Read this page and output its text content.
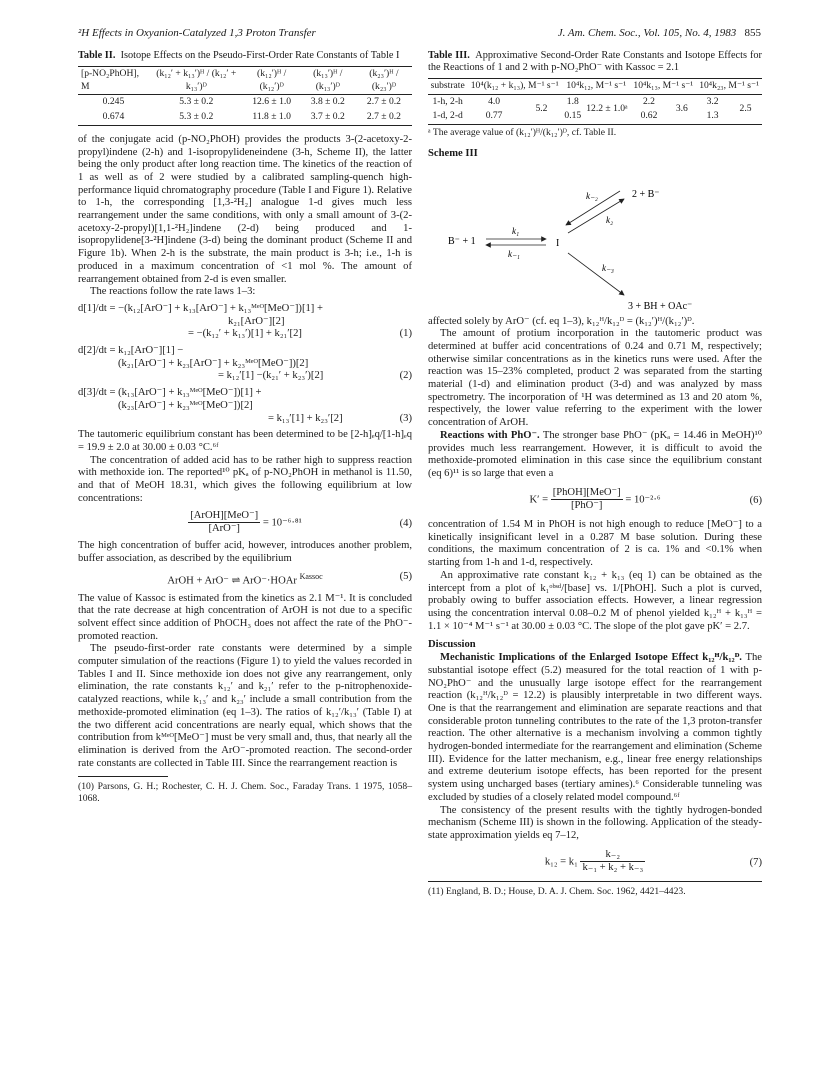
²H Effects in Oxyanion-Catalyzed 1,3 Proton Transfer	J. Am. Chem. Soc., Vol. 105, No. 4, 1983 855
Table II. Isotope Effects on the Pseudo-First-Order Rate Constants of Table I
[p-NO₂PhOH], M	(k₁₂′ + k₁₃′)ᴴ / (k₁₂′ + k₁₃′)ᴰ	(k₁₂′)ᴴ / (k₁₂′)ᴰ	(k₁₃′)ᴴ / (k₁₃′)ᴰ	(k₂₃′)ᴴ / (k₂₃′)ᴰ
0.245	5.3 ± 0.2	12.6 ± 1.0	3.8 ± 0.2	2.7 ± 0.2
0.674	5.3 ± 0.2	11.8 ± 1.0	3.7 ± 0.2	2.7 ± 0.2

of the conjugate acid (p-NO₂PhOH) provides the products 3-(2-acetoxy-2-propyl)indene (2-h) and 1-isopropylideneindene (3-h, Scheme II), the latter being the only product after long reaction time. The kinetics of the reaction of 1 as well as of 2 were studied by a calibrated sampling-quench high-performance liquid chromatography procedure (Table I and Figure 1). Relative to 1-h, the corresponding [1,3-²H₂] analogue 1-d gives much less rearrangement under the same conditions, with only a small amount of 3-(2-acetoxy-2-propyl)[1,1-²H₂]indene (2-d) being produced and 1-isopropylidene[3-²H]indene (3-d) being the dominant product (Scheme II and Figure 1b). When 2-h is the substrate, the main product is 3-h; i.e., 1-h is produced in a maximum concentration of <1 mol %. The amount of rearrangement obtained from 2-d is even smaller.

The reactions follow the rate laws 1–3:

d[1]/dt = −(k₁₂[ArO⁻] + k₁₃[ArO⁻] + k₁₃ᴹᵉᴼ[MeO⁻])[1] +
k₂₁[ArO⁻][2]
= −(k₁₂′ + k₁₃′)[1] + k₂₁′[2]	(1)
d[2]/dt = k₁₂[ArO⁻][1] −
(k₂₁[ArO⁻] + k₂₃[ArO⁻] + k₂₃ᴹᵉᴼ[MeO⁻])[2]
= k₁₂′[1] −(k₂₁′ + k₂₃′)[2]	(2)
d[3]/dt = (k₁₃[ArO⁻] + k₁₃ᴹᵉᴼ[MeO⁻])[1] +
(k₂₃[ArO⁻] + k₂₃ᴹᵉᴼ[MeO⁻])[2]
= k₁₃′[1] + k₂₃′[2]	(3)

The tautomeric equilibrium constant has been determined to be [2-h]ₑq/[1-h]ₑq = 19.9 ± 2.0 at 30.00 ± 0.03 °C.⁶ᶠ

The concentration of added acid has to be rather high to suppress reaction with methoxide ion. The reported¹⁰ pKₐ of p-NO₂PhOH in methanol is 11.50, and that of MeOH 18.31, which gives the following equilibrium at low concentrations:

$\frac{\text{[ArOH][MeO⁻]}}{\text{[ArO⁻]}} = 10^{-6}\cdot^{81}$	(4)

The high concentration of buffer acid, however, introduces another problem, buffer association, as described by the equilibrium

ArOH + ArO⁻ ⇌ ArO⁻·HOAr $^{Kassoc}$	(5)

The value of Kassoc is estimated from the kinetics as 2.1 M⁻¹. It is concluded that the rate decrease at high concentration of ArOH is not due to a specific solvent effect since addition of PhOCH₃ does not affect the rate of the PhO⁻-promoted reaction.

The pseudo-first-order rate constants were determined by a simple computer simulation of the reactions (Figure 1) to yield the values recorded in Tables I and II. Since methoxide ion does not give any rearrangement, only elimination, the rate constants k₁₂′ and k₂₁′ refer to the p-nitrophenoxide-catalyzed reactions, while k₁₃′ and k₂₃′ include a small contribution from the methoxide-promoted elimination (eq 1–3). The ratios of k₁₂′/k₁₃′ (Table I) at the two different acid concentrations are nearly equal, which shows that the contribution from kᴹᵉᴼ[MeO⁻] must be very small and, thus, that nearly all the elimination is derived from the ArO⁻-promoted reaction. The second-order rate constants are collected in Table III. Since the rearrangement reaction is

(10) Parsons, G. H.; Rochester, C. H. J. Chem. Soc., Faraday Trans. 1 1975, 1058–1068.
Table III. Approximative Second-Order Rate Constants and Isotope Effects for the Reactions of 1 and 2 with p-NO₂PhO⁻ with Kassoc = 2.1
substrate	10⁴(k₁₂ + k₁₃), M⁻¹ s⁻¹		10⁴k₁₂, M⁻¹ s⁻¹		10⁴k₁₃, M⁻¹ s⁻¹		10⁴k₂₃, M⁻¹ s⁻¹	
1-h, 2-h	4.0	5.2	1.8	12.2 ± 1.0ᵃ	2.2	3.6	3.2	2.5
1-d, 2-d	0.77		0.15		0.62		1.3	
ᵃ The average value of (k₁₂′)ᴴ/(k₁₂′)ᴰ, cf. Table II.
Scheme III
B⁻ + 1
k₁
k₋₁
I
k₋₂
k₂
2 + B⁻
k₋₃
3 + BH + OAc⁻

affected solely by ArO⁻ (cf. eq 1–3), k₁₂ᴴ/k₁₂ᴰ = (k₁₂′)ᴴ/(k₁₂′)ᴰ.

The amount of protium incorporation in the tautomeric product was determined at buffer acid concentrations of 0.24 and 0.71 M, respectively; otherwise similar concentrations as in the kinetics runs were used. After the reaction was 15–23% completed, product 2 was separated from the starting material (1-d) and elimination product (3-d) and was analyzed by mass spectrometry. The incorporation of ¹H was determined as 13 and 20 atom %, respectively, the lower value referring to the experiment with the lower concentration of ArOH.

Reactions with PhO⁻. The stronger base PhO⁻ (pKₐ = 14.46 in MeOH)¹⁰ provides much less rearrangement. However, it is difficult to avoid the methoxide-promoted elimination in this case since the equilibrium constant (eq 6)¹¹ is so large that even a

$K' = \frac{\text{[PhOH][MeO⁻]}}{\text{[PhO⁻]}} = 10^{-2}\cdot^6$	(6)

concentration of 1.54 M in PhOH is not high enough to reduce [MeO⁻] to a kinetically insignificant level in a 0.287 M base solution. During these conditions, the maximum concentration of 2 is ca. 1% and <0.1% when starting from 1-h and 1-d, respectively.

An approximative rate constant k₁₂ + k₁₃ (eq 1) can be obtained as the intercept from a plot of k₁ᵒᵇˢᵈ/[base] vs. 1/[PhOH]. Such a plot is curved, probably owing to buffer association effects. However, a linear regression using the concentration interval 0.08–0.2 M of phenol yielded k₁₂ᴴ + k₁₃ᴴ = 1.1 × 10⁻⁴ M⁻¹ s⁻¹ at 30.00 ± 0.03 °C. The slope of the plot gave pK′ = 2.7.

Discussion

Mechanistic Implications of the Enlarged Isotope Effect k₁₂ᴴ/k₁₂ᴰ. The substantial isotope effect (5.2) measured for the total reaction of 1 with p-NO₂PhO⁻ and the unusually large isotope effect for the rearrangement reaction (k₁₂ᴴ/k₁₂ᴰ = 12.2) is plausibly interpretable in two different ways. One is that the rearrangement and elimination are separate reactions and that considerable proton tunneling contributes to the rate of the 1,3 proton-transfer reaction. The other alternative is a mechanism involving a common tightly hydrogen-bonded intermediate for the rearrangement and elimination (Scheme III). Evidence for the latter mechanism, e.g., linear free energy relationships and extreme deuterium isotope effects, has been reported for the present system using uncharged bases (tertiary amines).⁶ Considerable tunneling was excluded by studies of a closely related model compound.⁶ᶠ

The consistency of the present results with the tightly hydrogen-bonded mechanism (Scheme III) is shown in the following. Application of the steady-state approximation yields eq 7–12,

$k_{12} = k_1 \frac{\text{k₋₂}}{\text{k₋₁ + k₂ + k₋₃}}$	(7)
(11) England, B. D.; House, D. A. J. Chem. Soc. 1962, 4421–4423.
